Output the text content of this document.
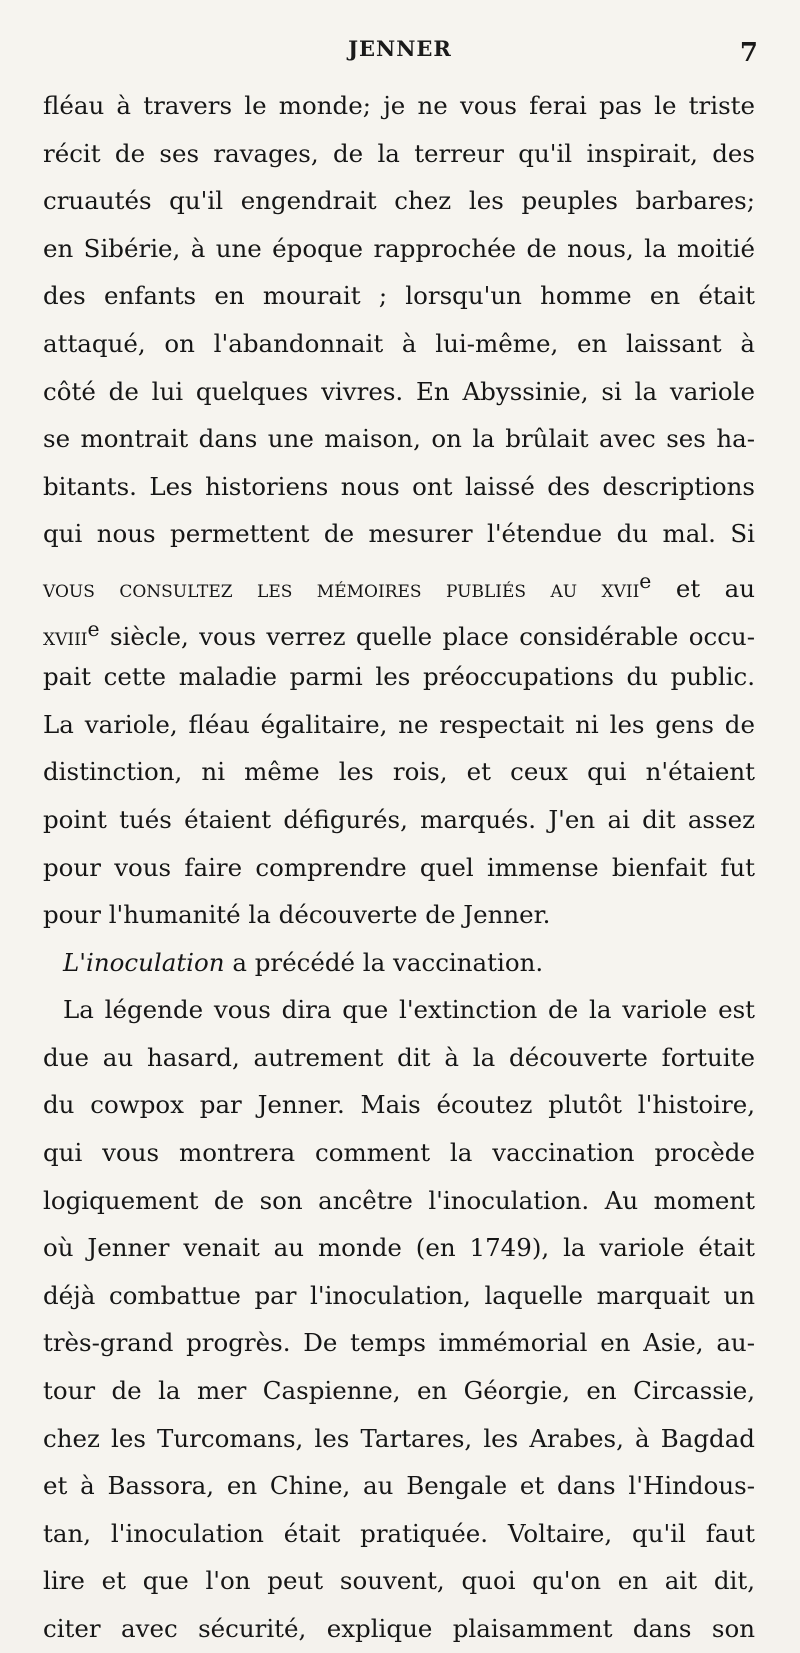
JENNER	7
fléau à travers le monde; je ne vous ferai pas le triste
récit de ses ravages, de la terreur qu'il inspirait, des
cruautés qu'il engendrait chez les peuples barbares;
en Sibérie, à une époque rapprochée de nous, la moitié
des enfants en mourait ; lorsqu'un homme en était
attaqué, on l'abandonnait à lui-même, en laissant à
côté de lui quelques vivres. En Abyssinie, si la variole
se montrait dans une maison, on la brûlait avec ses ha-
bitants. Les historiens nous ont laissé des descriptions
qui nous permettent de mesurer l'étendue du mal. Si
vous consultez les mémoires publiés au xvii$^e$ et au
xviii$^e$ siècle, vous verrez quelle place considérable occu-
pait cette maladie parmi les préoccupations du public.
La variole, fléau égalitaire, ne respectait ni les gens de
distinction, ni même les rois, et ceux qui n'étaient
point tués étaient défigurés, marqués. J'en ai dit assez
pour vous faire comprendre quel immense bienfait fut
pour l'humanité la découverte de Jenner.
L'inoculation a précédé la vaccination.
La légende vous dira que l'extinction de la variole est
due au hasard, autrement dit à la découverte fortuite
du cowpox par Jenner. Mais écoutez plutôt l'histoire,
qui vous montrera comment la vaccination procède
logiquement de son ancêtre l'inoculation. Au moment
où Jenner venait au monde (en 1749), la variole était
déjà combattue par l'inoculation, laquelle marquait un
très-grand progrès. De temps immémorial en Asie, au-
tour de la mer Caspienne, en Géorgie, en Circassie,
chez les Turcomans, les Tartares, les Arabes, à Bagdad
et à Bassora, en Chine, au Bengale et dans l'Hindous-
tan, l'inoculation était pratiquée. Voltaire, qu'il faut
lire et que l'on peut souvent, quoi qu'on en ait dit,
citer avec sécurité, explique plaisamment dans son
